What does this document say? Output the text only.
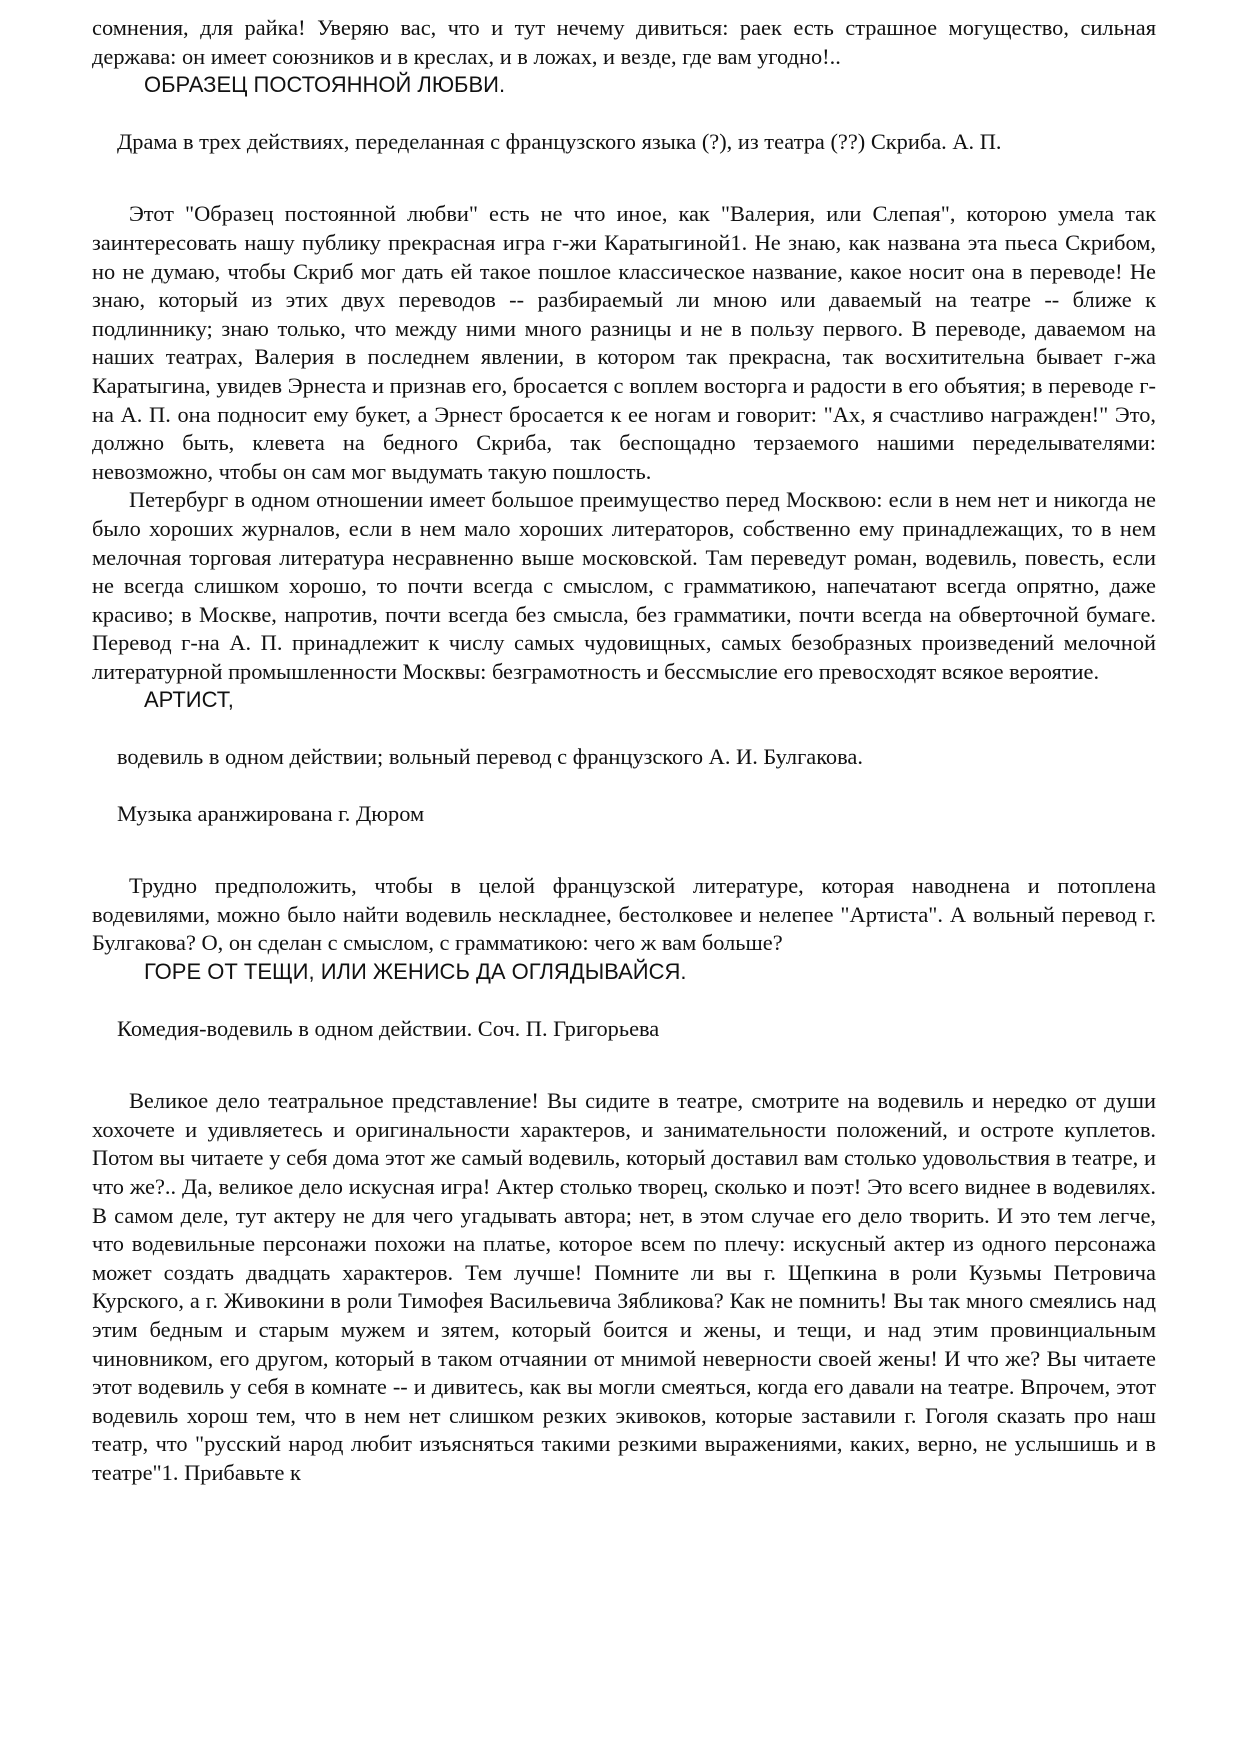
сомнения, для райка! Уверяю вас, что и тут нечему дивиться: раек есть страшное могущество, сильная держава: он имеет союзников и в креслах, и в ложах, и везде, где вам угодно!..

ОБРАЗЕЦ ПОСТОЯННОЙ ЛЮБВИ.

Драма в трех действиях, переделанная с французского языка (?), из театра (??) Скриба. А. П.

Этот "Образец постоянной любви" есть не что иное, как "Валерия, или Слепая", которою умела так заинтересовать нашу публику прекрасная игра г-жи Каратыгиной1. Не знаю, как названа эта пьеса Скрибом, но не думаю, чтобы Скриб мог дать ей такое пошлое классическое название, какое носит она в переводе! Не знаю, который из этих двух переводов -- разбираемый ли мною или даваемый на театре -- ближе к подлиннику; знаю только, что между ними много разницы и не в пользу первого. В переводе, даваемом на наших театрах, Валерия в последнем явлении, в котором так прекрасна, так восхитительна бывает г-жа Каратыгина, увидев Эрнеста и признав его, бросается с воплем восторга и радости в его объятия; в переводе г-на А. П. она подносит ему букет, а Эрнест бросается к ее ногам и говорит: "Ах, я счастливо награжден!" Это, должно быть, клевета на бедного Скриба, так беспощадно терзаемого нашими переделывателями: невозможно, чтобы он сам мог выдумать такую пошлость.

Петербург в одном отношении имеет большое преимущество перед Москвою: если в нем нет и никогда не было хороших журналов, если в нем мало хороших литераторов, собственно ему принадлежащих, то в нем мелочная торговая литература несравненно выше московской. Там переведут роман, водевиль, повесть, если не всегда слишком хорошо, то почти всегда с смыслом, с грамматикою, напечатают всегда опрятно, даже красиво; в Москве, напротив, почти всегда без смысла, без грамматики, почти всегда на обверточной бумаге. Перевод г-на А. П. принадлежит к числу самых чудовищных, самых безобразных произведений мелочной литературной промышленности Москвы: безграмотность и бессмыслие его превосходят всякое вероятие.

АРТИСТ,

водевиль в одном действии; вольный перевод с французского А. И. Булгакова.

Музыка аранжирована г. Дюром

Трудно предположить, чтобы в целой французской литературе, которая наводнена и потоплена водевилями, можно было найти водевиль нескладнее, бестолковее и нелепее "Артиста". А вольный перевод г. Булгакова? О, он сделан с смыслом, с грамматикою: чего ж вам больше?

ГОРЕ ОТ ТЕЩИ, ИЛИ ЖЕНИСЬ ДА ОГЛЯДЫВАЙСЯ.

Комедия-водевиль в одном действии. Соч. П. Григорьева

Великое дело театральное представление! Вы сидите в театре, смотрите на водевиль и нередко от души хохочете и удивляетесь и оригинальности характеров, и занимательности положений, и остроте куплетов. Потом вы читаете у себя дома этот же самый водевиль, который доставил вам столько удовольствия в театре, и что же?.. Да, великое дело искусная игра! Актер столько творец, сколько и поэт! Это всего виднее в водевилях. В самом деле, тут актеру не для чего угадывать автора; нет, в этом случае его дело творить. И это тем легче, что водевильные персонажи похожи на платье, которое всем по плечу: искусный актер из одного персонажа может создать двадцать характеров. Тем лучше! Помните ли вы г. Щепкина в роли Кузьмы Петровича Курского, а г. Живокини в роли Тимофея Васильевича Зябликова? Как не помнить! Вы так много смеялись над этим бедным и старым мужем и зятем, который боится и жены, и тещи, и над этим провинциальным чиновником, его другом, который в таком отчаянии от мнимой неверности своей жены! И что же? Вы читаете этот водевиль у себя в комнате -- и дивитесь, как вы могли смеяться, когда его давали на театре. Впрочем, этот водевиль хорош тем, что в нем нет слишком резких экивоков, которые заставили г. Гоголя сказать про наш театр, что "русский народ любит изъясняться такими резкими выражениями, каких, верно, не услышишь и в театре"1. Прибавьте к
